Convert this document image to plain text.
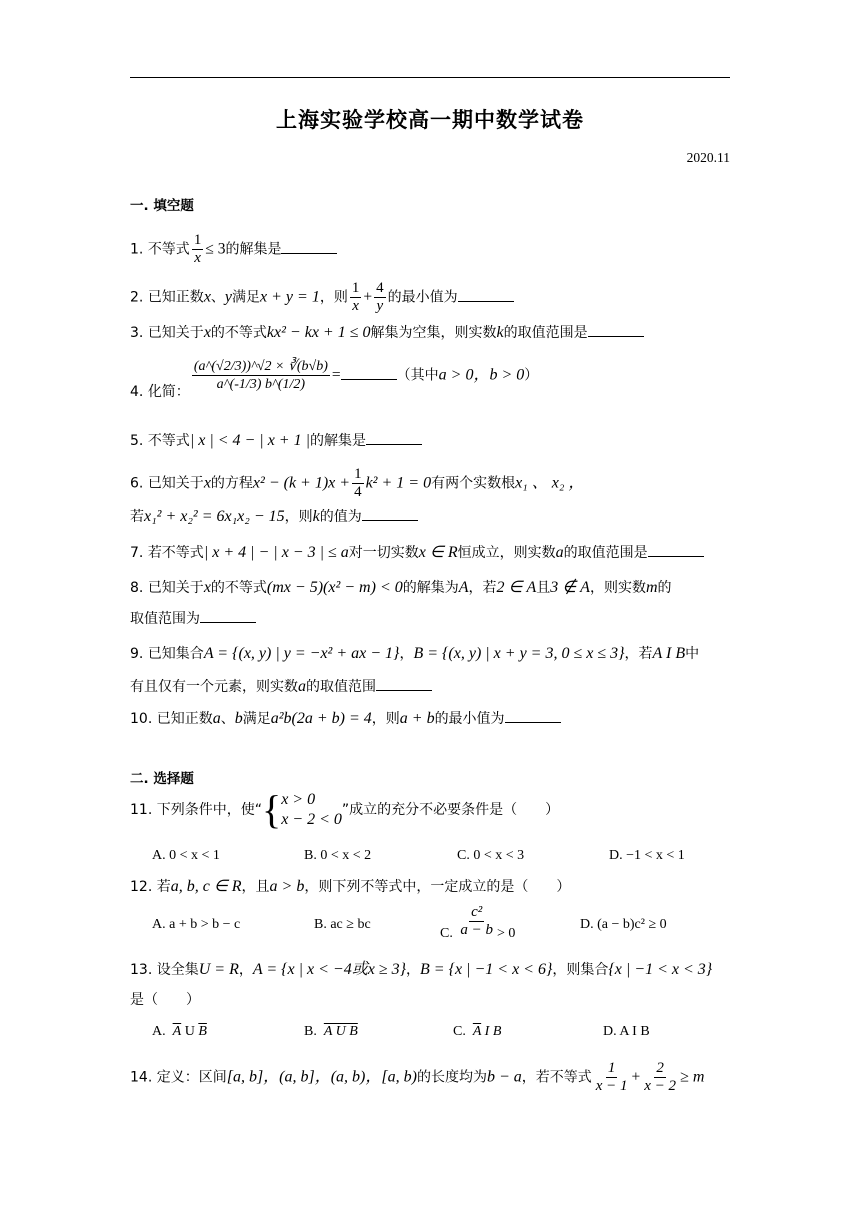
上海实验学校高一期中数学试卷
2020.11
一. 填空题
1. 不等式 $\frac{1}{x} \le 3$的解集是
2. 已知正数x、y满足x + y = 1，则 $\frac{1}{x} + \frac{4}{y}$ 的最小值为
3. 已知关于x的不等式kx² − kx + 1 ≤ 0解集为空集，则实数k的取值范围是
4. 化简： $\frac{(a\^{}(√2/3))\^{}√2 \times ∛(b√b)}{a\^{}(-1/3) b\^{}(1/2)}$ =	（其中a > 0，b > 0）
5. 不等式| x | < 4 − | x + 1 |的解集是
6. 已知关于x的方程$x^2 - (k + 1)x + \frac{1}{4} k^2 + 1 = 0$有两个实数根x₁ 、 x₂ ，
若x₁² + x₂² = 6x₁x₂ − 15，则k的值为
7. 若不等式| x + 4 | − | x − 3 | ≤ a对一切实数x ∈ R恒成立，则实数a的取值范围是
8. 已知关于x的不等式(mx − 5)(x² − m) < 0的解集为A，若2 ∈ A且3 ∉ A，则实数m的
取值范围为
9. 已知集合A = {(x, y) | y = −x² + ax − 1}，B = {(x, y) | x + y = 3, 0 ≤ x ≤ 3}，若A I B中
有且仅有一个元素，则实数a的取值范围
10. 已知正数a、b满足a²b(2a + b) = 4，则a + b的最小值为
二. 选择题
11. 下列条件中，使“ { x > 0
x − 2 < 0
”成立的充分不必要条件是（　　）
A. 0 < x < 1	B. 0 < x < 2	C. 0 < x < 3	D. −1 < x < 1
12. 若a, b, c ∈ R，且a > b，则下列不等式中，一定成立的是（　　）
A. a + b > b − c	B. ac ≥ bc
C. $\frac{\text{c²}}{a - b} > 0$
D. (a − b)c² ≥ 0
13. 设全集U = R，A = {x | x < −4或x ≥ 3}，B = {x | −1 < x < 6}，则集合{x | −1 < x < 3}
是（　　）
A. $\overline{A}$ U $\overline{B}$	B. A U B	C. $\overline{A}$ I B	D. A I B
14. 定义：区间[a, b]，(a, b]，(a, b)，[a, b)的长度均为b − a，若不等式 $\frac{1}{x - 1} + \frac{2}{x - 2} \ge m$
